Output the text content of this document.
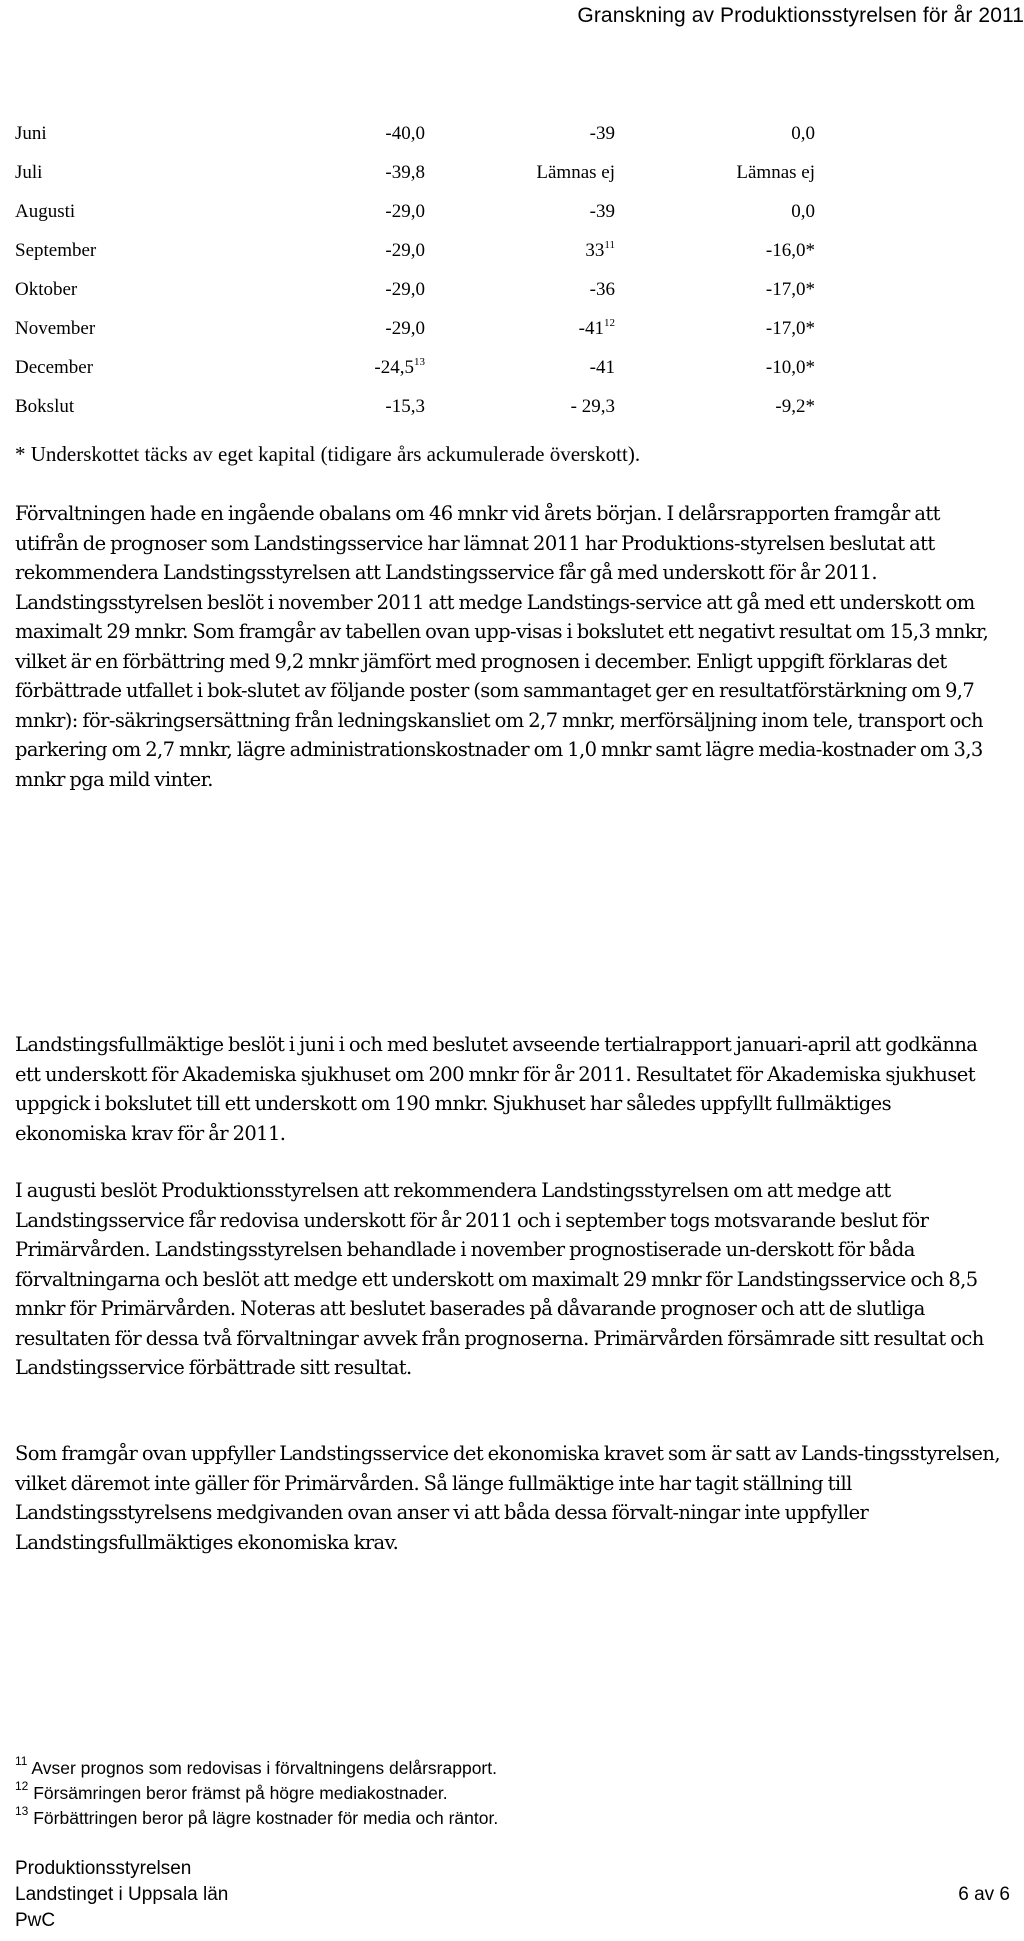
Granskning av Produktionsstyrelsen för år 2011
Juni	-40,0	-39	0,0
Juli	-39,8	Lämnas ej	Lämnas ej
Augusti	-29,0	-39	0,0
September	-29,0	$33^{11}$	-16,0*
Oktober	-29,0	-36	-17,0*
November	-29,0	$-41^{12}$	-17,0*
December	-24,5$^{13}$	-41	-10,0*
Bokslut	-15,3	- 29,3	-9,2*
* Underskottet täcks av eget kapital (tidigare års ackumulerade överskott).

Förvaltningen hade en ingående obalans om 46 mnkr vid årets början. I delårsrapporten framgår att utifrån de prognoser som Landstingsservice har lämnat 2011 har Produktions-styrelsen beslutat att rekommendera Landstingsstyrelsen att Landstingsservice får gå med underskott för år 2011. Landstingsstyrelsen beslöt i november 2011 att medge Landstings-service att gå med ett underskott om maximalt 29 mnkr. Som framgår av tabellen ovan upp-visas i bokslutet ett negativt resultat om 15,3 mnkr, vilket är en förbättring med 9,2 mnkr jämfört med prognosen i december. Enligt uppgift förklaras det förbättrade utfallet i bok-slutet av följande poster (som sammantaget ger en resultatförstärkning om 9,7 mnkr): för-säkringsersättning från ledningskansliet om 2,7 mnkr, merförsäljning inom tele, transport och parkering om 2,7 mnkr, lägre administrationskostnader om 1,0 mnkr samt lägre media-kostnader om 3,3 mnkr pga mild vinter.

Landstingsfullmäktige beslöt i juni i och med beslutet avseende tertialrapport januari-april att godkänna ett underskott för Akademiska sjukhuset om 200 mnkr för år 2011. Resultatet för Akademiska sjukhuset uppgick i bokslutet till ett underskott om 190 mnkr. Sjukhuset har således uppfyllt fullmäktiges ekonomiska krav för år 2011.

I augusti beslöt Produktionsstyrelsen att rekommendera Landstingsstyrelsen om att medge att Landstingsservice får redovisa underskott för år 2011 och i september togs motsvarande beslut för Primärvården. Landstingsstyrelsen behandlade i november prognostiserade un-derskott för båda förvaltningarna och beslöt att medge ett underskott om maximalt 29 mnkr för Landstingsservice och 8,5 mnkr för Primärvården. Noteras att beslutet baserades på dåvarande prognoser och att de slutliga resultaten för dessa två förvaltningar avvek från prognoserna. Primärvården försämrade sitt resultat och Landstingsservice förbättrade sitt resultat.

Som framgår ovan uppfyller Landstingsservice det ekonomiska kravet som är satt av Lands-tingsstyrelsen, vilket däremot inte gäller för Primärvården. Så länge fullmäktige inte har tagit ställning till Landstingsstyrelsens medgivanden ovan anser vi att båda dessa förvalt-ningar inte uppfyller Landstingsfullmäktiges ekonomiska krav.

$^{11}$ Avser prognos som redovisas i förvaltningens delårsrapport.
$^{12}$ Försämringen beror främst på högre mediakostnader.
$^{13}$ Förbättringen beror på lägre kostnader för media och räntor.
Produktionsstyrelsen
Landstinget i Uppsala län
PwC
6 av 6
